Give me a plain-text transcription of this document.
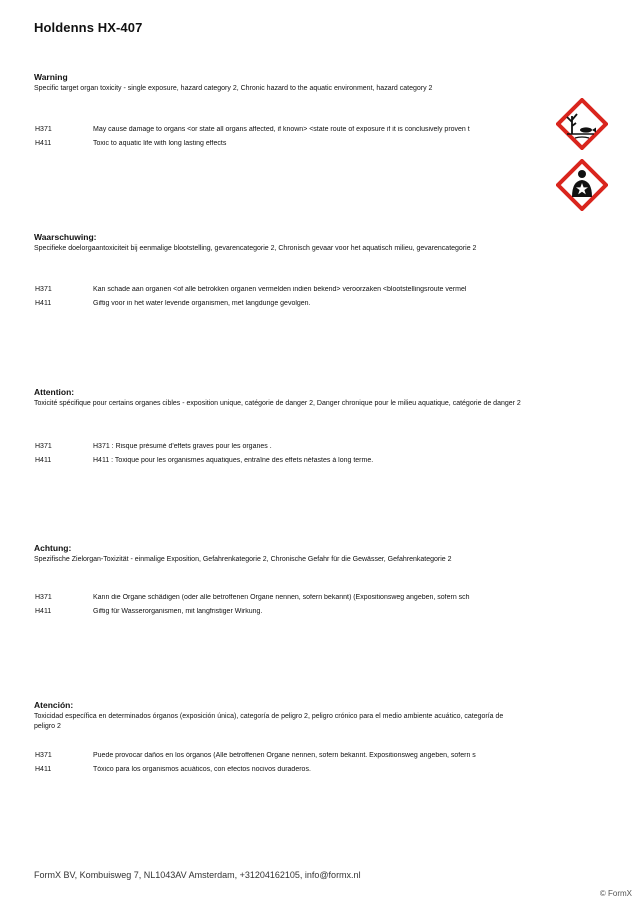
Holdenns HX-407
Warning
Specific target organ toxicity - single exposure, hazard category 2, Chronic hazard to the aquatic environment, hazard category 2
H371	May cause damage to organs <or state all organs affected, if known> <state route of exposure if it is conclusively proven t
H411	Toxic to aquatic life with long lasting effects
Waarschuwing:
Specifieke doelorgaantoxiciteit bij eenmalige blootstelling, gevarencategorie 2, Chronisch gevaar voor het aquatisch milieu, gevarencategorie 2
H371	Kan schade aan organen <of alle betrokken organen vermelden indien bekend> veroorzaken <blootstellingsroute vermel
H411	Giftig voor in het water levende organismen, met langdurige gevolgen.
Attention:
Toxicité spécifique pour certains organes cibles - exposition unique, catégorie de danger 2, Danger chronique pour le milieu aquatique, catégorie de danger 2
H371	H371 : Risque présumé d'effets graves pour les organes .
H411	H411 : Toxique pour les organismes aquatiques, entraîne des effets néfastes à long terme.
Achtung:
Spezifische Zielorgan-Toxizität - einmalige Exposition, Gefahrenkategorie 2, Chronische Gefahr für die Gewässer, Gefahrenkategorie 2
H371	Kann die Organe schädigen (oder alle betroffenen Organe nennen, sofern bekannt) (Expositionsweg angeben, sofern sch
H411	Giftig für Wasserorganismen, mit langfristiger Wirkung.
Atención:
Toxicidad específica en determinados órganos (exposición única), categoría de peligro 2, peligro crónico para el medio ambiente acuático, categoría de peligro 2
H371	Puede provocar daños en los órganos (Alle betroffenen Organe nennen, sofern bekannt. Expositionsweg angeben, sofern s
H411	Tóxico para los organismos acuáticos, con efectos nocivos duraderos.

FormX BV, Kombuisweg 7, NL1043AV Amsterdam, +31204162105, info@formx.nl
© FormX
